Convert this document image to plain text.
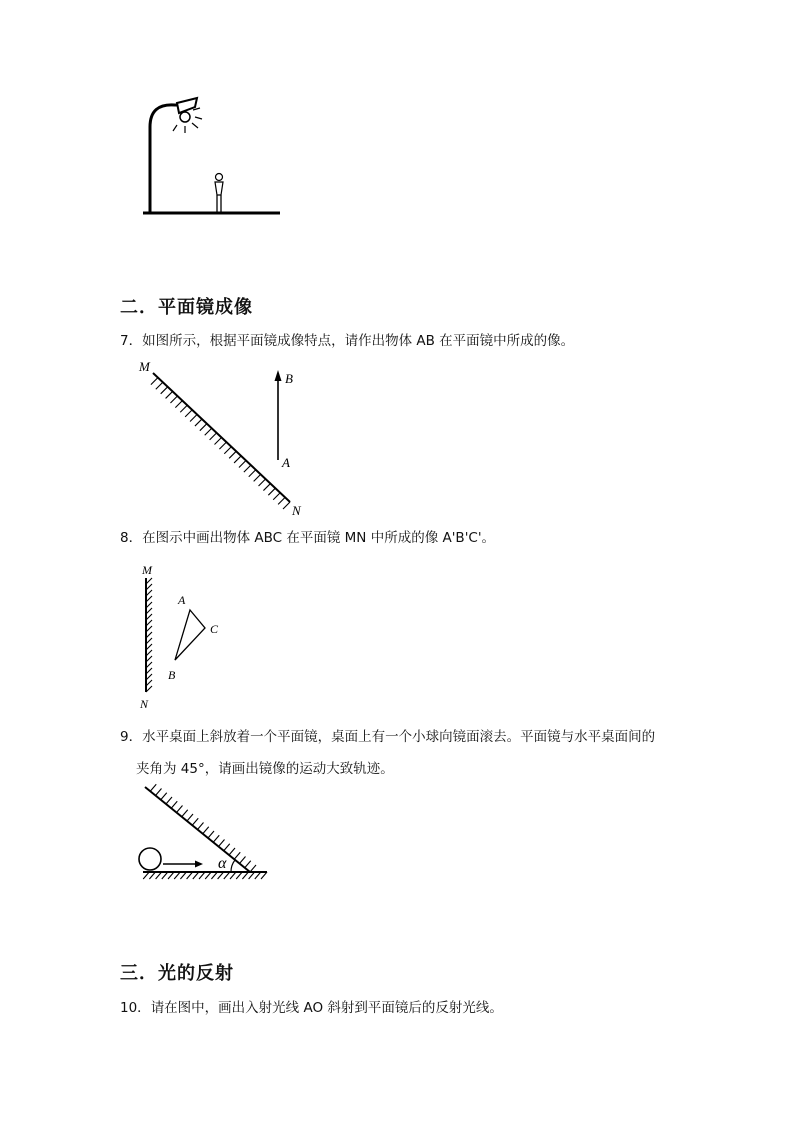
二．平面镜成像
7．如图所示，根据平面镜成像特点，请作出物体 AB 在平面镜中所成的像。
M
N
B
A
8．在图示中画出物体 ABC 在平面镜 MN 中所成的像 A'B'C'。
M
N
A
C
B
9．水平桌面上斜放着一个平面镜，桌面上有一个小球向镜面滚去。平面镜与水平桌面间的
夹角为 45°，请画出镜像的运动大致轨迹。
α
三．光的反射
10．请在图中，画出入射光线 AO 斜射到平面镜后的反射光线。
